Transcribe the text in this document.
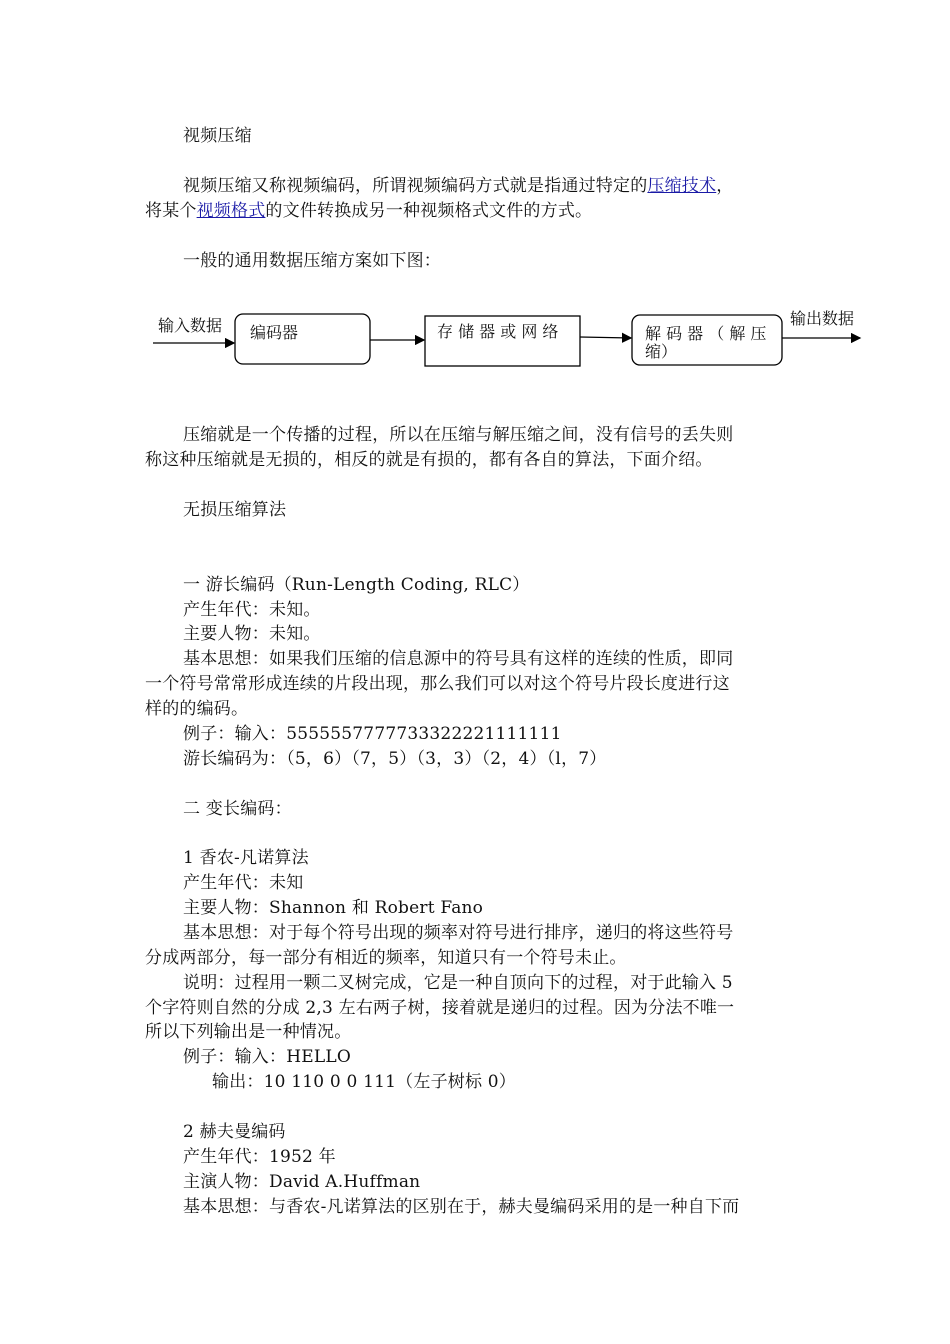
视频压缩
视频压缩又称视频编码，所谓视频编码方式就是指通过特定的压缩技术，
将某个视频格式的文件转换成另一种视频格式文件的方式。
一般的通用数据压缩方案如下图：
输入数据 编码器	存 储 器 或 网 络	解 码 器 （ 解 压
缩）
输出数据
压缩就是一个传播的过程，所以在压缩与解压缩之间，没有信号的丢失则
称这种压缩就是无损的，相反的就是有损的，都有各自的算法，下面介绍。
无损压缩算法
一 游长编码（Run-Length Coding, RLC）
产生年代：未知。
主要人物：未知。
基本思想：如果我们压缩的信息源中的符号具有这样的连续的性质，即同
一个符号常常形成连续的片段出现，那么我们可以对这个符号片段长度进行这
样的的编码。
例子：输入：5555557777733322221111111
游长编码为：（5，6）（7，5）（3，3）（2，4）（l，7）
二 变长编码：
1 香农-凡诺算法
产生年代：未知
主要人物：Shannon 和 Robert Fano
基本思想：对于每个符号出现的频率对符号进行排序，递归的将这些符号
分成两部分，每一部分有相近的频率，知道只有一个符号未止。
说明：过程用一颗二叉树完成，它是一种自顶向下的过程，对于此输入 5
个字符则自然的分成 2,3 左右两子树，接着就是递归的过程。因为分法不唯一
所以下列输出是一种情况。
例子：输入：HELLO
输出：10 110 0 0 111（左子树标 0）
2 赫夫曼编码
产生年代：1952 年
主演人物：David A.Huffman
基本思想：与香农-凡诺算法的区别在于，赫夫曼编码采用的是一种自下而
